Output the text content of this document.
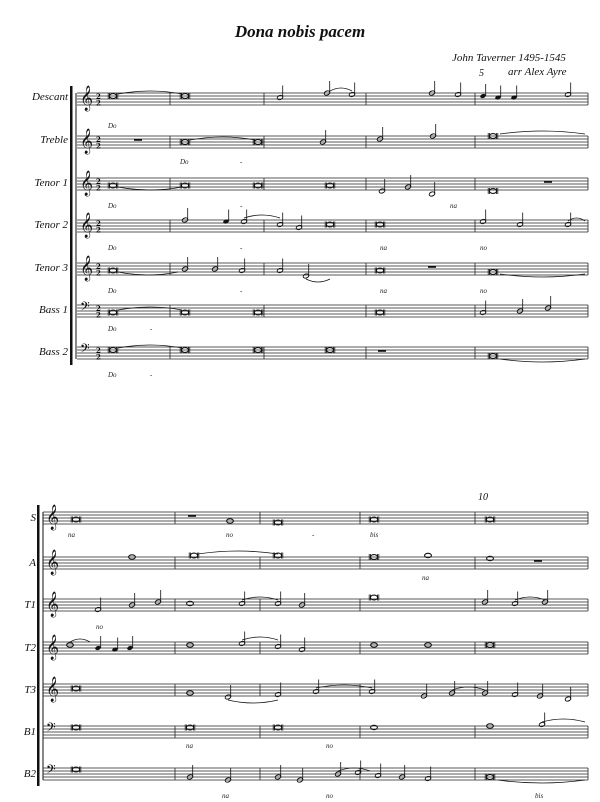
Dona nobis pacem
John Taverner 1495-1545
arr Alex Ayre
5
10
Descant
Treble
Tenor 1
Tenor 2
Tenor 3
Bass 1
Bass 2
S
A
T1
T2
T3
B1
B2
𝄞 2
2
𝄞 2
2
𝄞 2
2
𝄞 2
2
𝄞 2
2
𝄢 2
2
𝄢 2
2
Do
Do	-
Do	-	na
Do	-	na	no
Do	-	na	no
Do	-
Do	-
𝄞
𝄞
𝄞
𝄞
𝄞
𝄢
𝄢
na	no	-	bis
na
no
na	no
na	no	bis
